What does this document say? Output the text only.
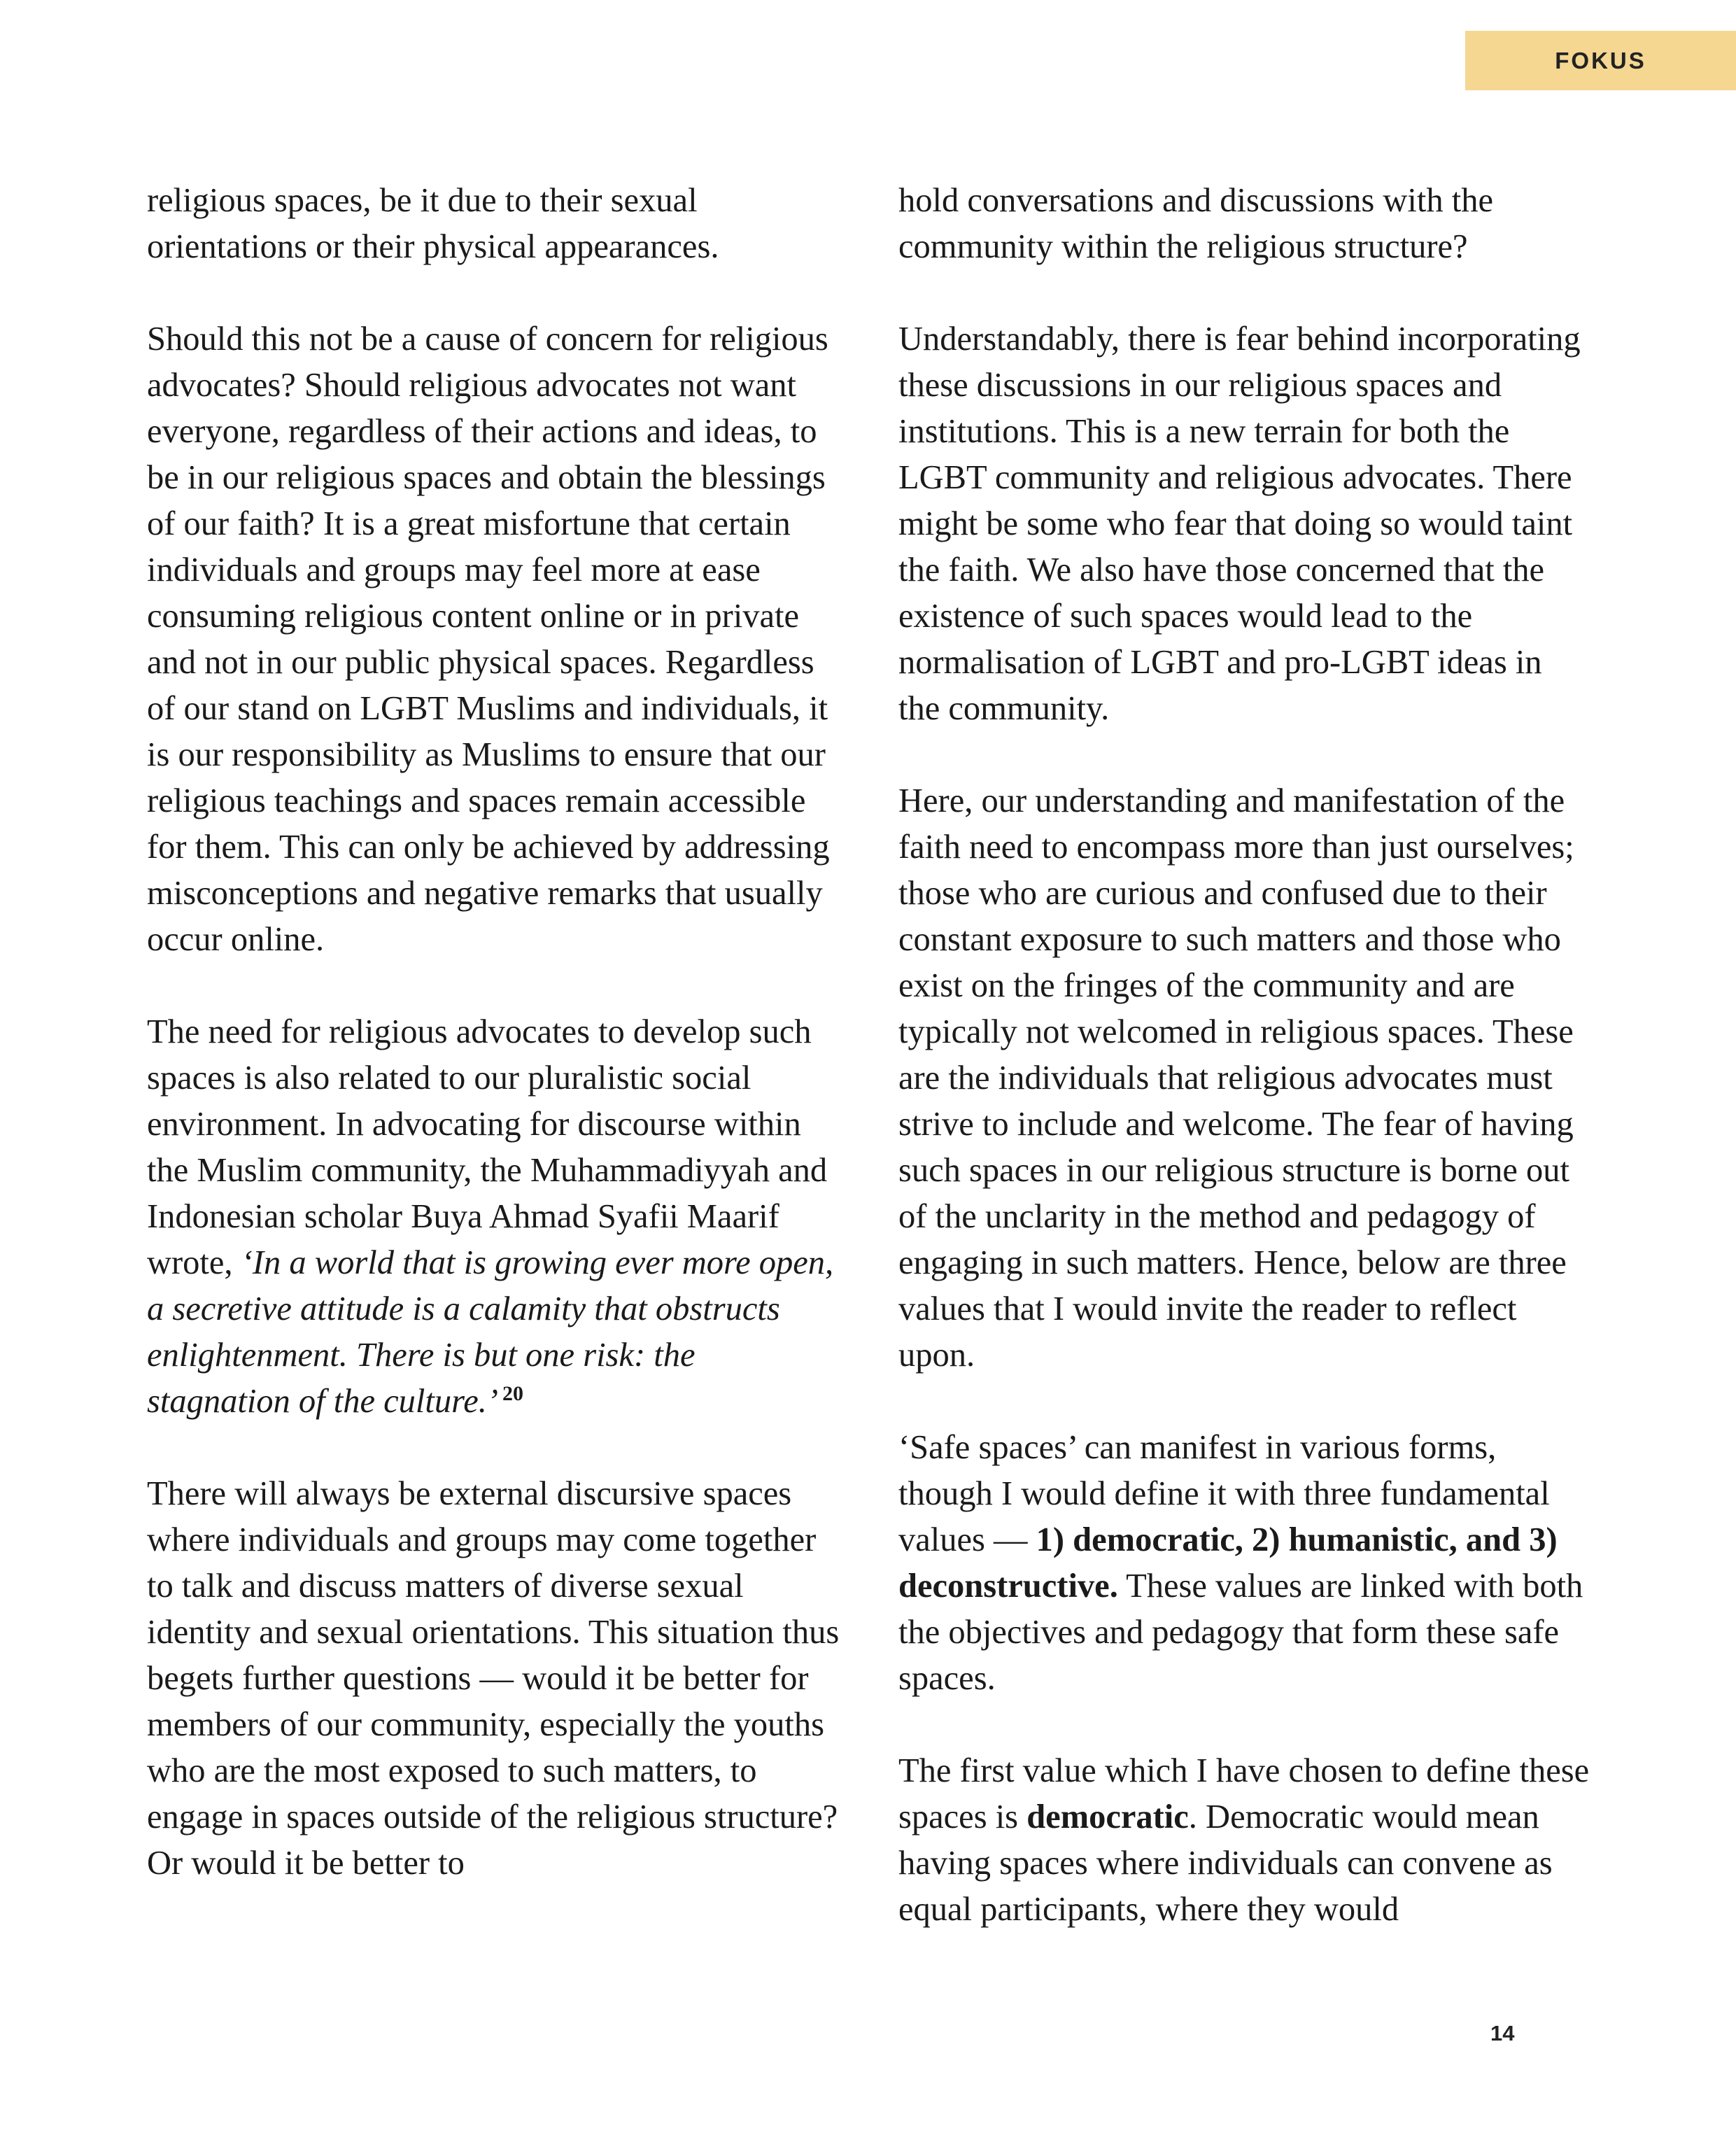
FOKUS

religious spaces, be it due to their sexual orientations or their physical appearances.

Should this not be a cause of concern for religious advocates? Should religious advocates not want everyone, regardless of their actions and ideas, to be in our religious spaces and obtain the blessings of our faith? It is a great misfortune that certain individuals and groups may feel more at ease consuming religious content online or in private and not in our public physical spaces. Regardless of our stand on LGBT Muslims and individuals, it is our responsibility as Muslims to ensure that our religious teachings and spaces remain accessible for them. This can only be achieved by addressing misconceptions and negative remarks that usually occur online.

The need for religious advocates to develop such spaces is also related to our pluralistic social environment. In advocating for discourse within the Muslim community, the Muhammadiyyah and Indonesian scholar Buya Ahmad Syafii Maarif wrote, ‘In a world that is growing ever more open, a secretive attitude is a calamity that obstructs enlightenment. There is but one risk: the stagnation of the culture.’ $^{20}$

There will always be external discursive spaces where individuals and groups may come together to talk and discuss matters of diverse sexual identity and sexual orientations. This situation thus begets further questions — would it be better for members of our community, especially the youths who are the most exposed to such matters, to engage in spaces outside of the religious structure? Or would it be better to

hold conversations and discussions with the community within the religious structure?

Understandably, there is fear behind incorporating these discussions in our religious spaces and institutions. This is a new terrain for both the LGBT community and religious advocates. There might be some who fear that doing so would taint the faith. We also have those concerned that the existence of such spaces would lead to the normalisation of LGBT and pro-LGBT ideas in the community.

Here, our understanding and manifestation of the faith need to encompass more than just ourselves; those who are curious and confused due to their constant exposure to such matters and those who exist on the fringes of the community and are typically not welcomed in religious spaces. These are the individuals that religious advocates must strive to include and welcome. The fear of having such spaces in our religious structure is borne out of the unclarity in the method and pedagogy of engaging in such matters. Hence, below are three values that I would invite the reader to reflect upon.

‘Safe spaces’ can manifest in various forms, though I would define it with three fundamental values — 1) democratic, 2) humanistic, and 3) deconstructive. These values are linked with both the objectives and pedagogy that form these safe spaces.

The first value which I have chosen to define these spaces is democratic. Democratic would mean having spaces where individuals can convene as equal participants, where they would

14
